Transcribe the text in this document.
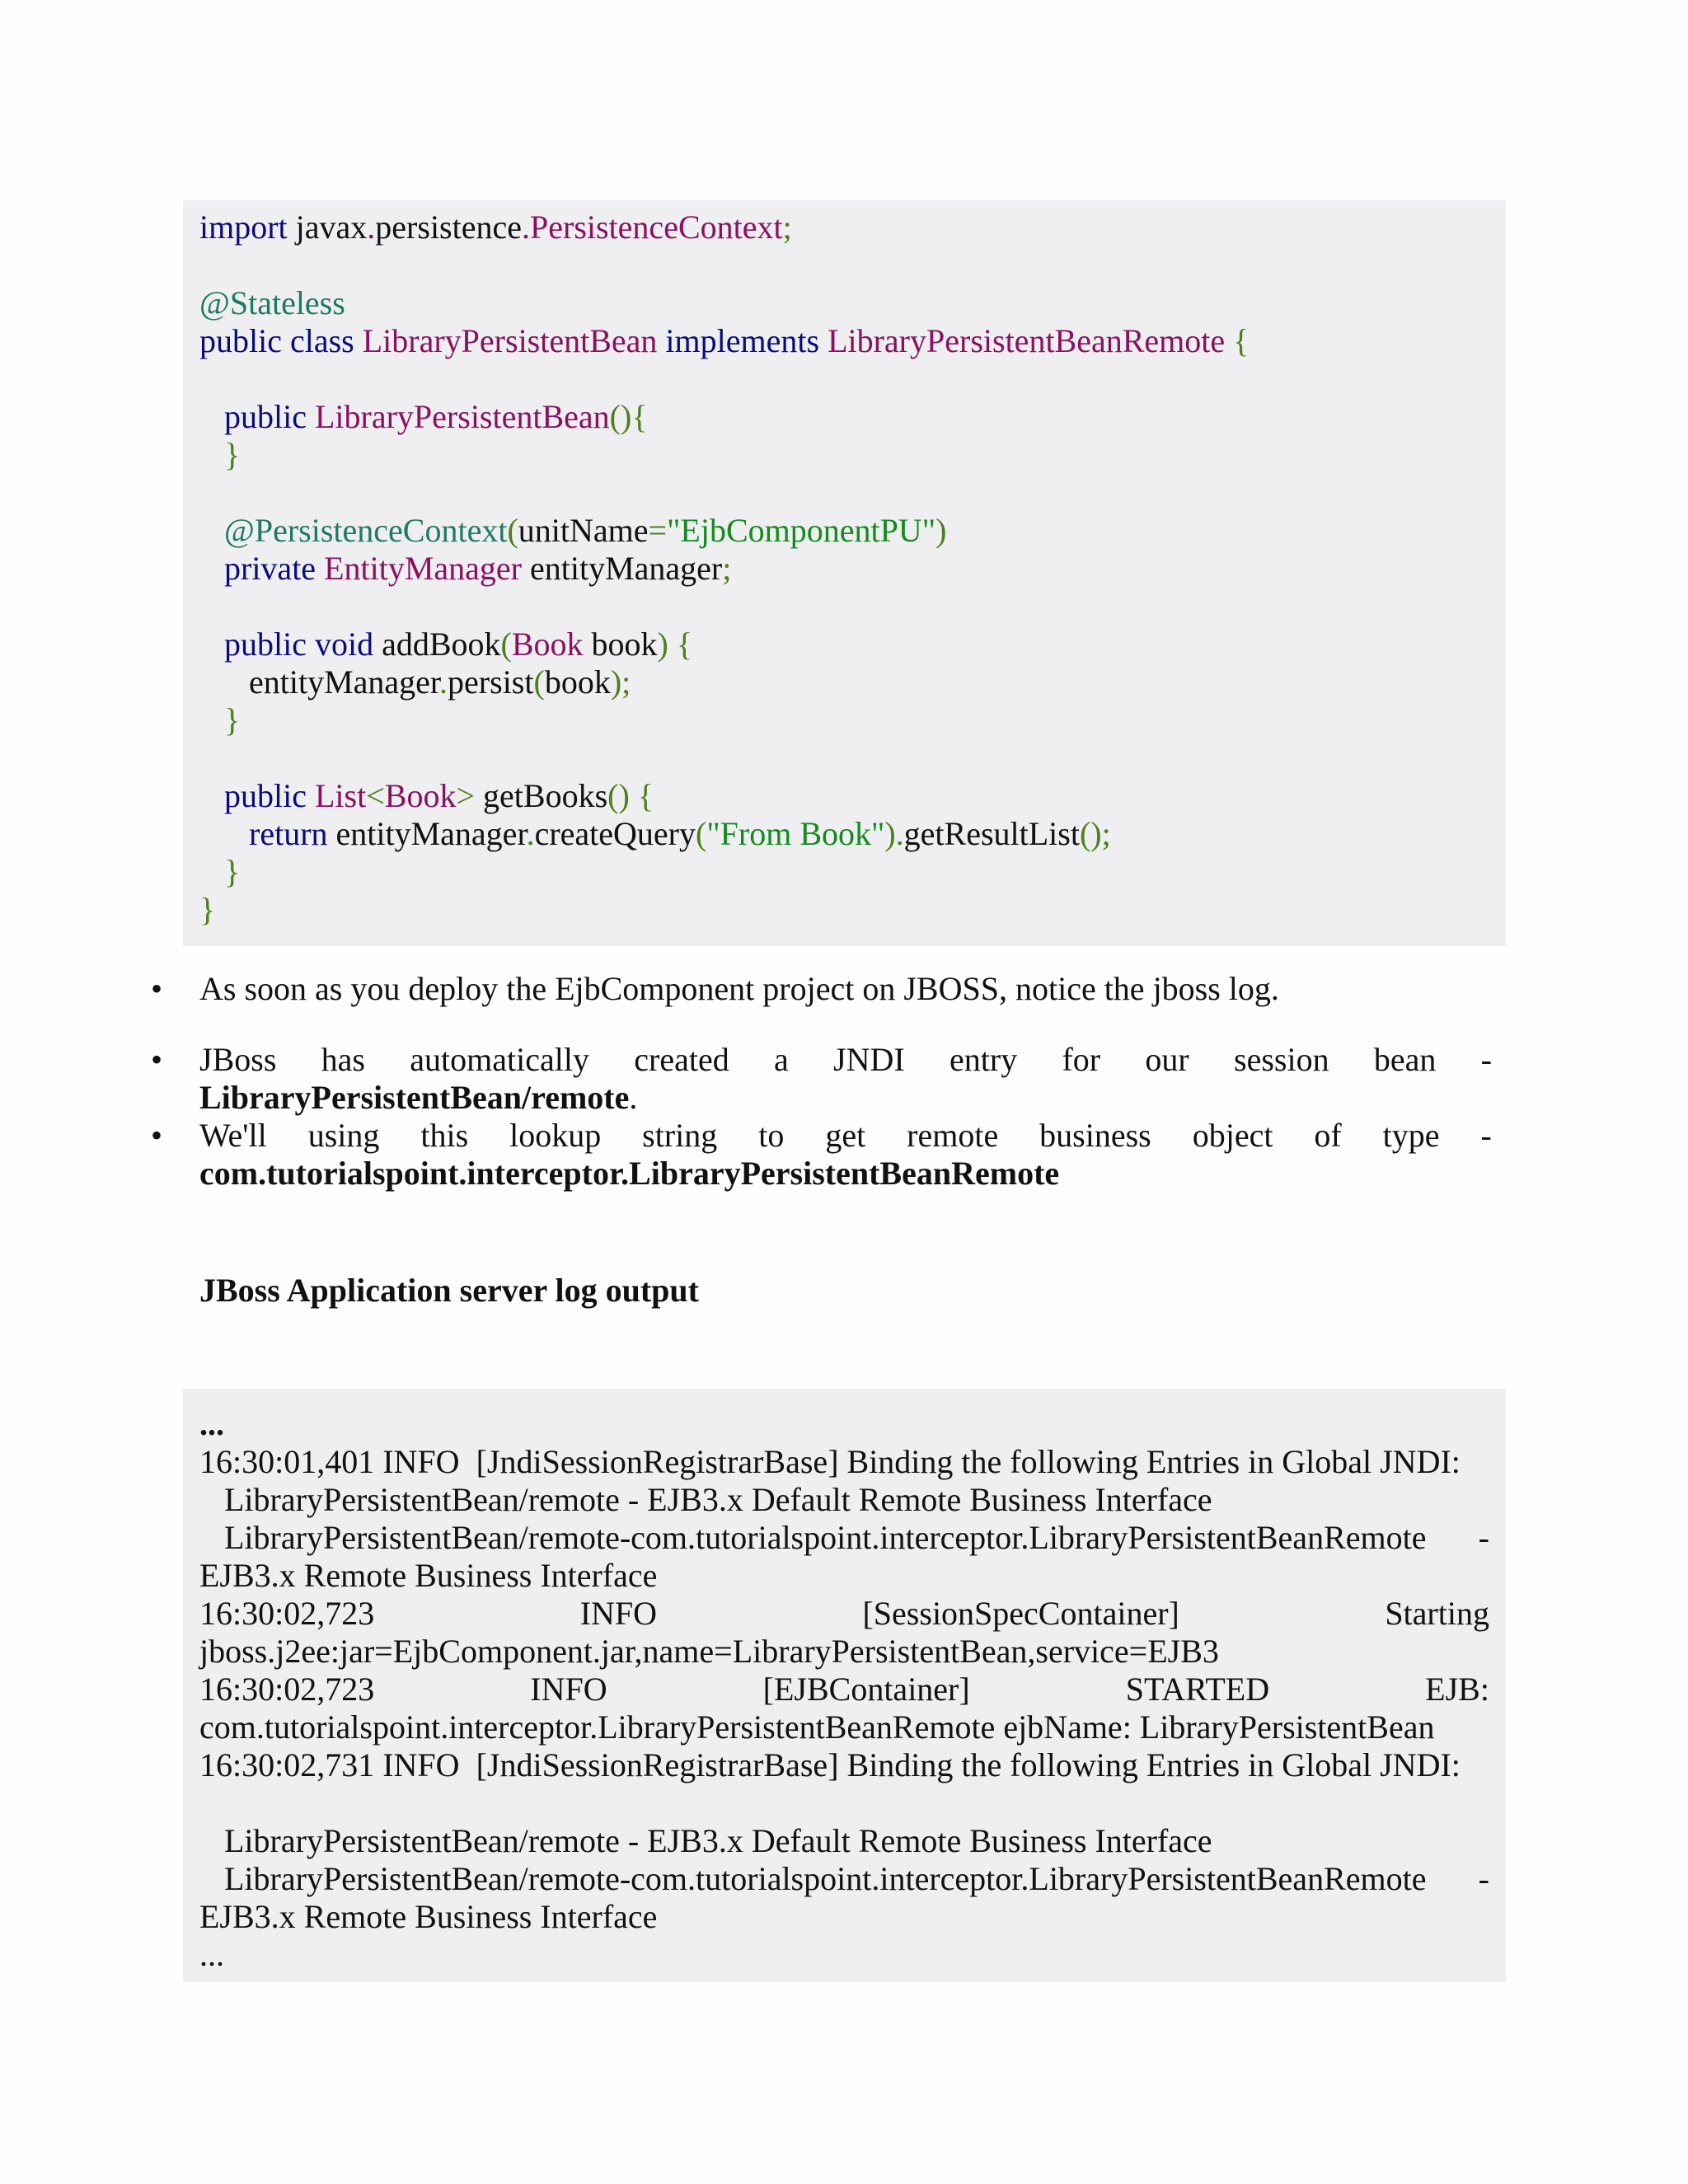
import javax.persistence.PersistenceContext;
@Stateless
public class LibraryPersistentBean implements LibraryPersistentBeanRemote {
public LibraryPersistentBean(){
}
@PersistenceContext(unitName="EjbComponentPU")
private EntityManager entityManager;
public void addBook(Book book) {
entityManager.persist(book);
}
public List<Book> getBooks() {
return entityManager.createQuery("From Book").getResultList();
}
}
• As soon as you deploy the EjbComponent project on JBOSS, notice the jboss log.
• JBoss has automatically created a JNDI entry for our session bean -
LibraryPersistentBean/remote.
• We'll using this lookup string to get remote business object of type -
com.tutorialspoint.interceptor.LibraryPersistentBeanRemote
JBoss Application server log output
...
16:30:01,401 INFO  [JndiSessionRegistrarBase] Binding the following Entries in Global JNDI:
LibraryPersistentBean/remote - EJB3.x Default Remote Business Interface
LibraryPersistentBean/remote-com.tutorialspoint.interceptor.LibraryPersistentBeanRemote -
EJB3.x Remote Business Interface
16:30:02,723	INFO	[SessionSpecContainer]	Starting
jboss.j2ee:jar=EjbComponent.jar,name=LibraryPersistentBean,service=EJB3
16:30:02,723	INFO	[EJBContainer]	STARTED	EJB:
com.tutorialspoint.interceptor.LibraryPersistentBeanRemote ejbName: LibraryPersistentBean
16:30:02,731 INFO  [JndiSessionRegistrarBase] Binding the following Entries in Global JNDI:
LibraryPersistentBean/remote - EJB3.x Default Remote Business Interface
LibraryPersistentBean/remote-com.tutorialspoint.interceptor.LibraryPersistentBeanRemote -
EJB3.x Remote Business Interface
...
